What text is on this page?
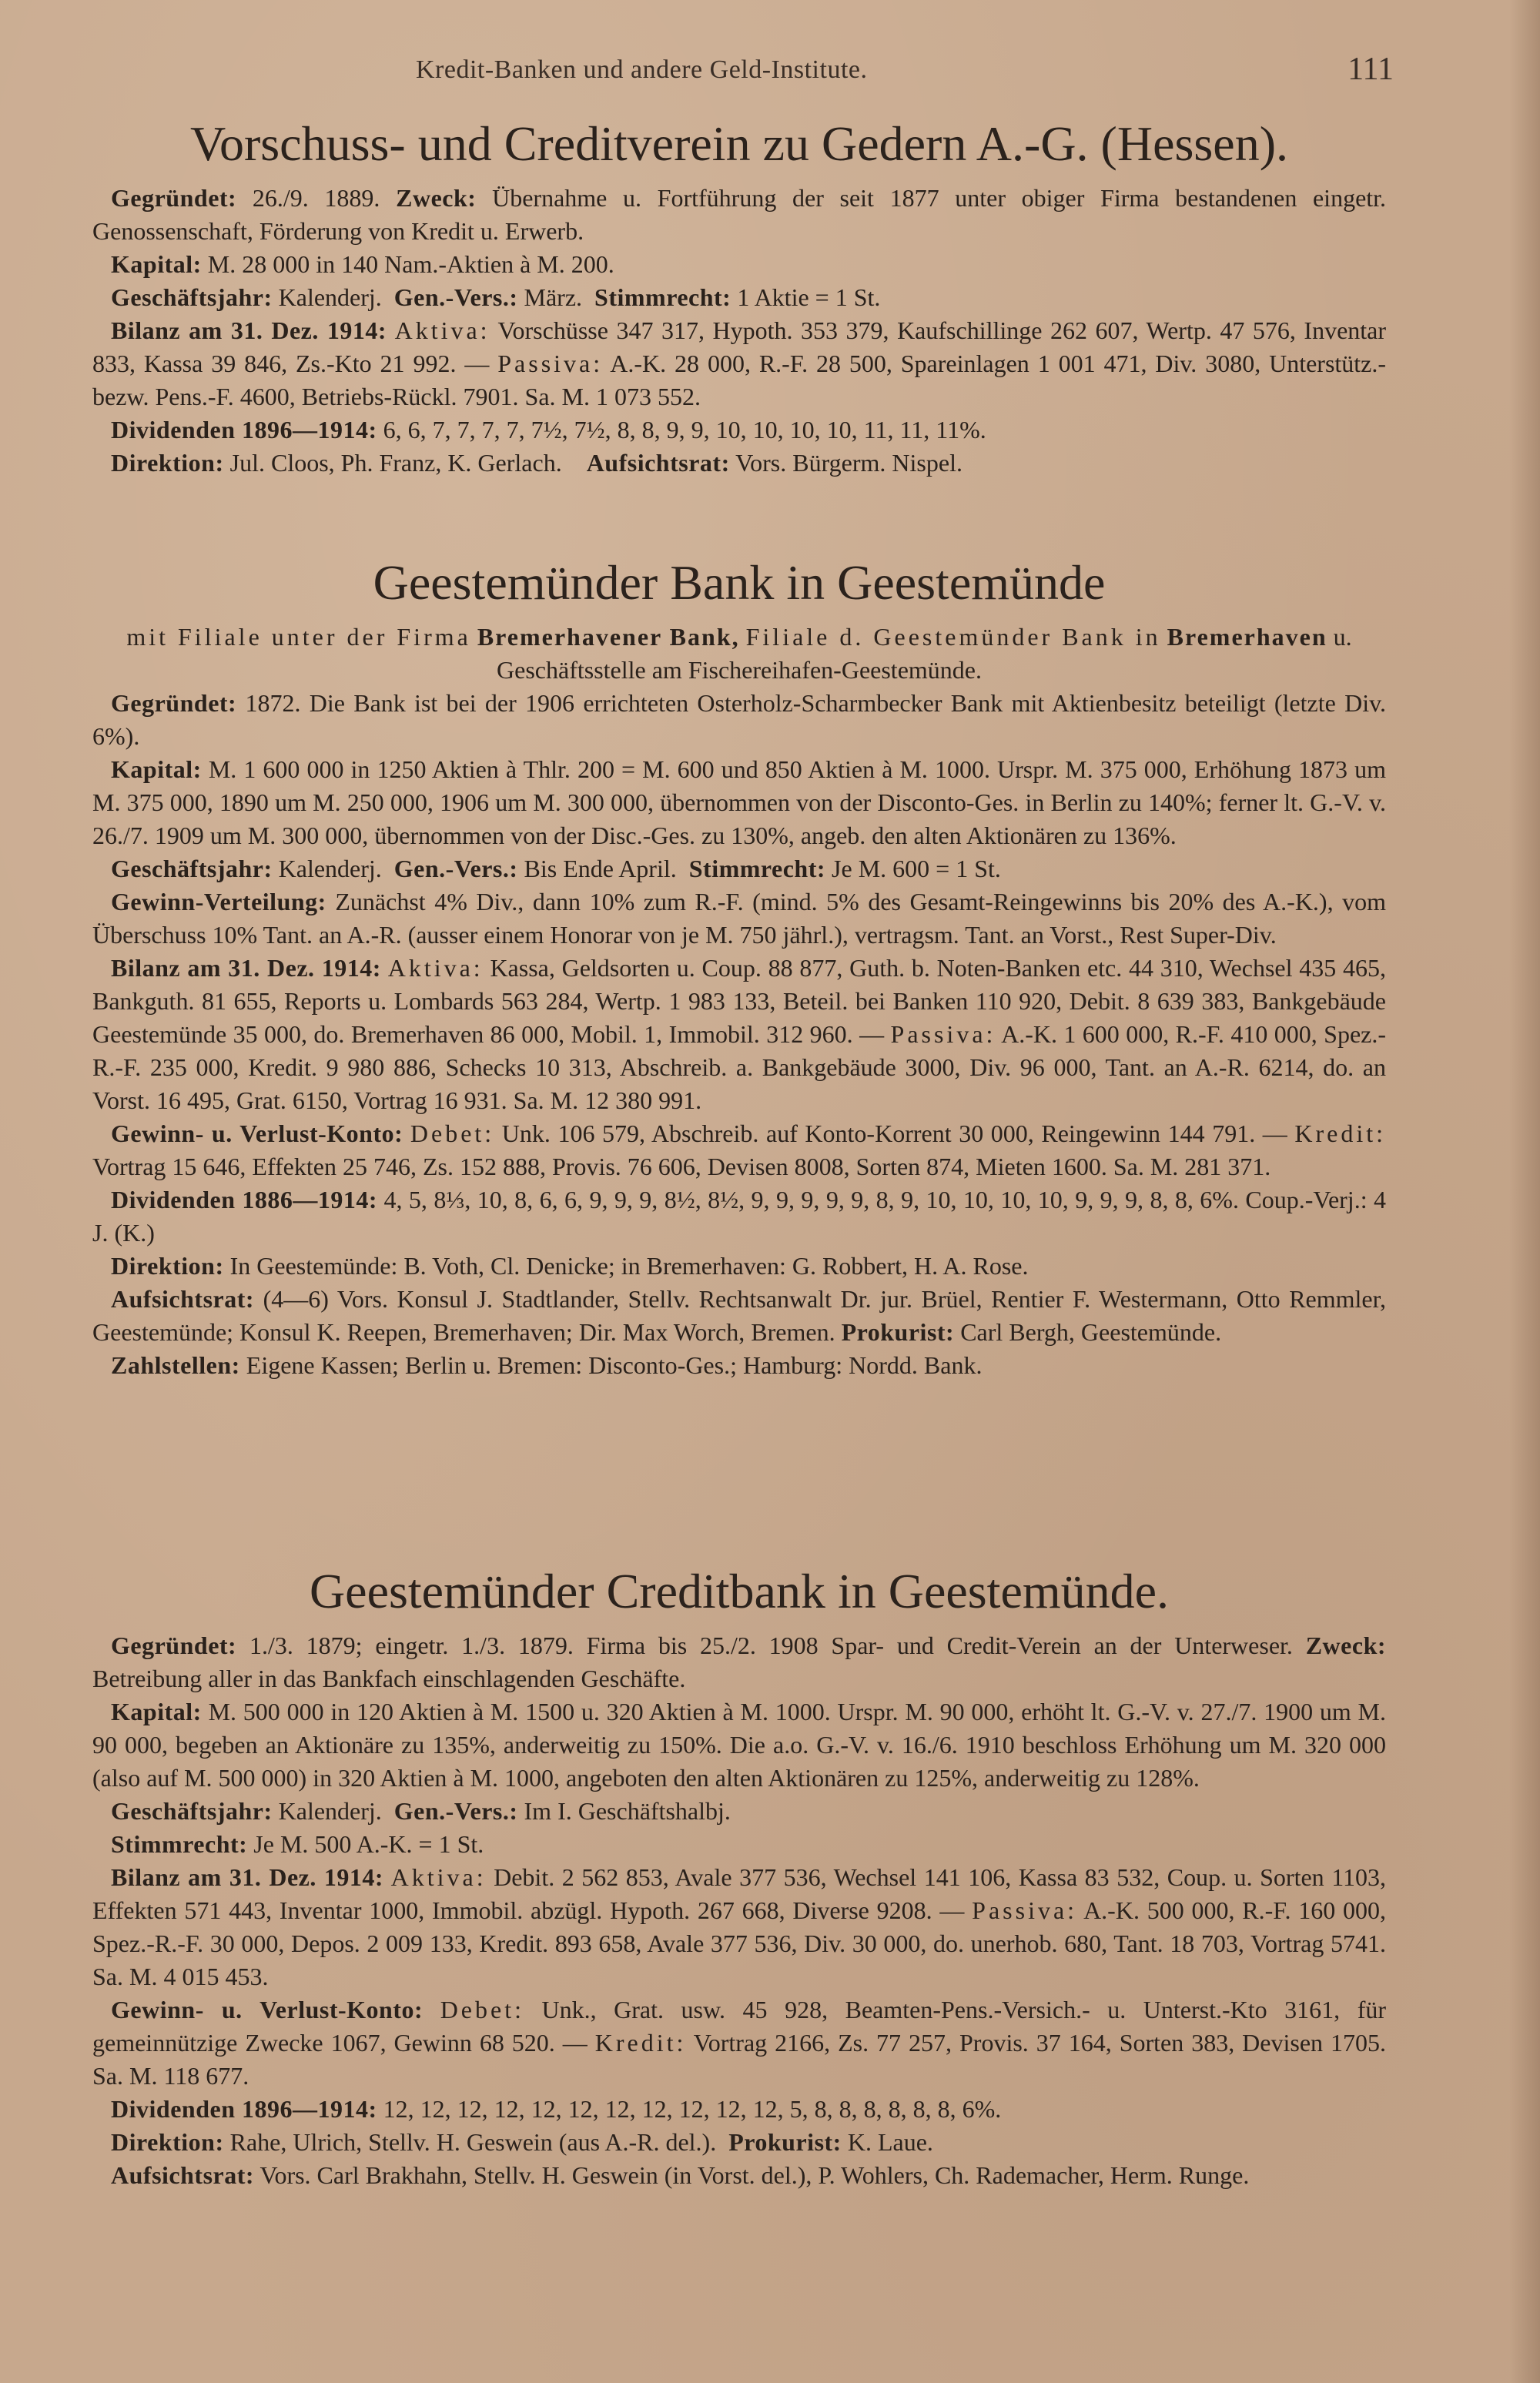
Kredit-Banken und andere Geld-Institute.	111
Vorschuss- und Creditverein zu Gedern A.-G. (Hessen).

Gegründet: 26./9. 1889. Zweck: Übernahme u. Fortführung der seit 1877 unter obiger Firma bestandenen eingetr. Genossenschaft, Förderung von Kredit u. Erwerb.

Kapital: M. 28 000 in 140 Nam.-Aktien à M. 200.

Geschäftsjahr: Kalenderj. Gen.-Vers.: März. Stimmrecht: 1 Aktie = 1 St.

Bilanz am 31. Dez. 1914: Aktiva: Vorschüsse 347 317, Hypoth. 353 379, Kaufschillinge 262 607, Wertp. 47 576, Inventar 833, Kassa 39 846, Zs.-Kto 21 992. — Passiva: A.-K. 28 000, R.-F. 28 500, Spareinlagen 1 001 471, Div. 3080, Unterstütz.- bezw. Pens.-F. 4600, Betriebs-Rückl. 7901. Sa. M. 1 073 552.

Dividenden 1896—1914: 6, 6, 7, 7, 7, 7, 7½, 7½, 8, 8, 9, 9, 10, 10, 10, 10, 11, 11, 11%.

Direktion: Jul. Cloos, Ph. Franz, K. Gerlach. Aufsichtsrat: Vors. Bürgerm. Nispel.

Geestemünder Bank in Geestemünde

mit Filiale unter der Firma Bremerhavener Bank, Filiale d. Geestemünder Bank in Bremerhaven u. Geschäftsstelle am Fischereihafen-Geestemünde.

Gegründet: 1872. Die Bank ist bei der 1906 errichteten Osterholz-Scharmbecker Bank mit Aktienbesitz beteiligt (letzte Div. 6%).

Kapital: M. 1 600 000 in 1250 Aktien à Thlr. 200 = M. 600 und 850 Aktien à M. 1000. Urspr. M. 375 000, Erhöhung 1873 um M. 375 000, 1890 um M. 250 000, 1906 um M. 300 000, übernommen von der Disconto-Ges. in Berlin zu 140%; ferner lt. G.-V. v. 26./7. 1909 um M. 300 000, übernommen von der Disc.-Ges. zu 130%, angeb. den alten Aktionären zu 136%.

Geschäftsjahr: Kalenderj. Gen.-Vers.: Bis Ende April. Stimmrecht: Je M. 600 = 1 St.

Gewinn-Verteilung: Zunächst 4% Div., dann 10% zum R.-F. (mind. 5% des Gesamt-Reingewinns bis 20% des A.-K.), vom Überschuss 10% Tant. an A.-R. (ausser einem Honorar von je M. 750 jährl.), vertragsm. Tant. an Vorst., Rest Super-Div.

Bilanz am 31. Dez. 1914: Aktiva: Kassa, Geldsorten u. Coup. 88 877, Guth. b. Noten-Banken etc. 44 310, Wechsel 435 465, Bankguth. 81 655, Reports u. Lombards 563 284, Wertp. 1 983 133, Beteil. bei Banken 110 920, Debit. 8 639 383, Bankgebäude Geestemünde 35 000, do. Bremerhaven 86 000, Mobil. 1, Immobil. 312 960. — Passiva: A.-K. 1 600 000, R.-F. 410 000, Spez.-R.-F. 235 000, Kredit. 9 980 886, Schecks 10 313, Abschreib. a. Bankgebäude 3000, Div. 96 000, Tant. an A.-R. 6214, do. an Vorst. 16 495, Grat. 6150, Vortrag 16 931. Sa. M. 12 380 991.

Gewinn- u. Verlust-Konto: Debet: Unk. 106 579, Abschreib. auf Konto-Korrent 30 000, Reingewinn 144 791. — Kredit: Vortrag 15 646, Effekten 25 746, Zs. 152 888, Provis. 76 606, Devisen 8008, Sorten 874, Mieten 1600. Sa. M. 281 371.

Dividenden 1886—1914: 4, 5, 8⅓, 10, 8, 6, 6, 9, 9, 9, 8½, 8½, 9, 9, 9, 9, 9, 8, 9, 10, 10, 10, 10, 9, 9, 9, 8, 8, 6%. Coup.-Verj.: 4 J. (K.)

Direktion: In Geestemünde: B. Voth, Cl. Denicke; in Bremerhaven: G. Robbert, H. A. Rose.

Aufsichtsrat: (4—6) Vors. Konsul J. Stadtlander, Stellv. Rechtsanwalt Dr. jur. Brüel, Rentier F. Westermann, Otto Remmler, Geestemünde; Konsul K. Reepen, Bremerhaven; Dir. Max Worch, Bremen. Prokurist: Carl Bergh, Geestemünde.

Zahlstellen: Eigene Kassen; Berlin u. Bremen: Disconto-Ges.; Hamburg: Nordd. Bank.

Geestemünder Creditbank in Geestemünde.

Gegründet: 1./3. 1879; eingetr. 1./3. 1879. Firma bis 25./2. 1908 Spar- und Credit-Verein an der Unterweser. Zweck: Betreibung aller in das Bankfach einschlagenden Geschäfte.

Kapital: M. 500 000 in 120 Aktien à M. 1500 u. 320 Aktien à M. 1000. Urspr. M. 90 000, erhöht lt. G.-V. v. 27./7. 1900 um M. 90 000, begeben an Aktionäre zu 135%, anderweitig zu 150%. Die a.o. G.-V. v. 16./6. 1910 beschloss Erhöhung um M. 320 000 (also auf M. 500 000) in 320 Aktien à M. 1000, angeboten den alten Aktionären zu 125%, anderweitig zu 128%.

Geschäftsjahr: Kalenderj. Gen.-Vers.: Im I. Geschäftshalbj.

Stimmrecht: Je M. 500 A.-K. = 1 St.

Bilanz am 31. Dez. 1914: Aktiva: Debit. 2 562 853, Avale 377 536, Wechsel 141 106, Kassa 83 532, Coup. u. Sorten 1103, Effekten 571 443, Inventar 1000, Immobil. abzügl. Hypoth. 267 668, Diverse 9208. — Passiva: A.-K. 500 000, R.-F. 160 000, Spez.-R.-F. 30 000, Depos. 2 009 133, Kredit. 893 658, Avale 377 536, Div. 30 000, do. unerhob. 680, Tant. 18 703, Vortrag 5741. Sa. M. 4 015 453.

Gewinn- u. Verlust-Konto: Debet: Unk., Grat. usw. 45 928, Beamten-Pens.-Versich.- u. Unterst.-Kto 3161, für gemeinnützige Zwecke 1067, Gewinn 68 520. — Kredit: Vortrag 2166, Zs. 77 257, Provis. 37 164, Sorten 383, Devisen 1705. Sa. M. 118 677.

Dividenden 1896—1914: 12, 12, 12, 12, 12, 12, 12, 12, 12, 12, 12, 5, 8, 8, 8, 8, 8, 8, 6%.

Direktion: Rahe, Ulrich, Stellv. H. Geswein (aus A.-R. del.). Prokurist: K. Laue.

Aufsichtsrat: Vors. Carl Brakhahn, Stellv. H. Geswein (in Vorst. del.), P. Wohlers, Ch. Rademacher, Herm. Runge.
